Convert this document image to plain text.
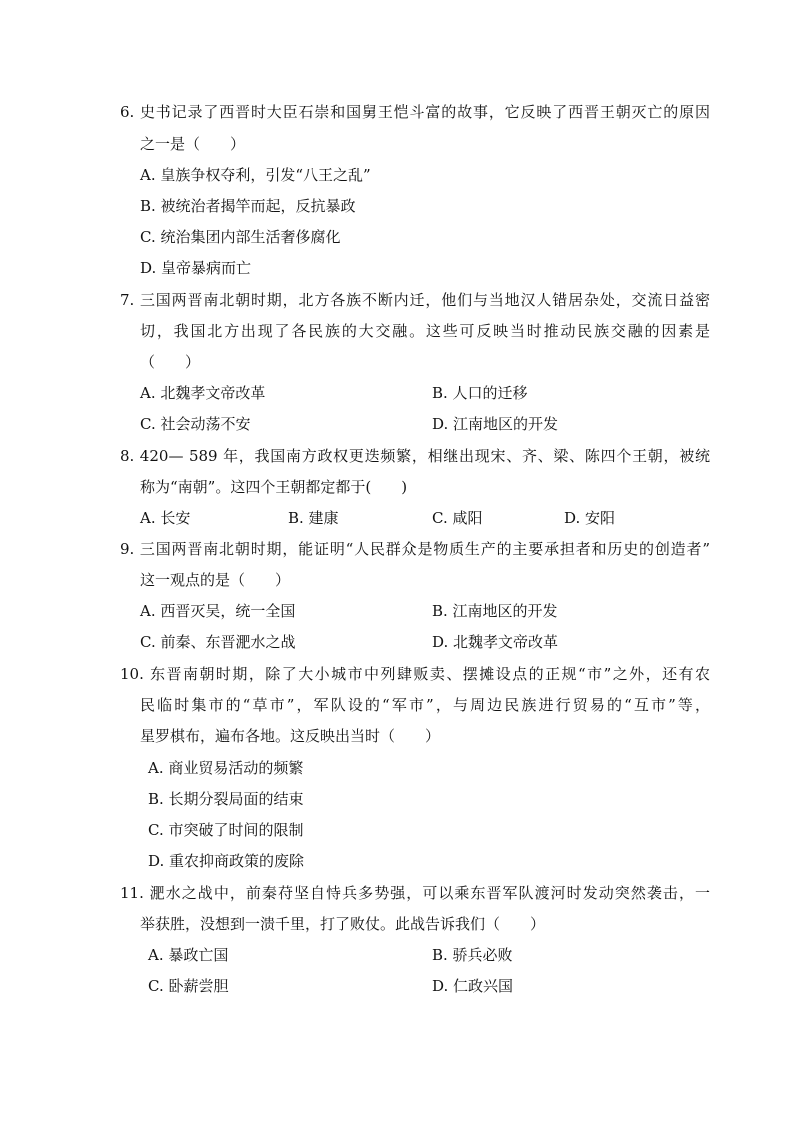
6. 史书记录了西晋时大臣石崇和国舅王恺斗富的故事，它反映了西晋王朝灭亡的原因
之一是（　　）
A. 皇族争权夺利，引发“八王之乱”
B. 被统治者揭竿而起，反抗暴政
C. 统治集团内部生活奢侈腐化
D. 皇帝暴病而亡
7. 三国两晋南北朝时期，北方各族不断内迁，他们与当地汉人错居杂处，交流日益密
切，我国北方出现了各民族的大交融。这些可反映当时推动民族交融的因素是
（　　）
A. 北魏孝文帝改革	B. 人口的迁移
C. 社会动荡不安	D. 江南地区的开发
8. 420— 589 年，我国南方政权更迭频繁，相继出现宋、齐、梁、陈四个王朝，被统
称为“南朝”。这四个王朝都定都于(　　)
A. 长安	B. 建康	C. 咸阳	D. 安阳
9. 三国两晋南北朝时期，能证明“人民群众是物质生产的主要承担者和历史的创造者”
这一观点的是（　　）
A. 西晋灭吴，统一全国	B. 江南地区的开发
C. 前秦、东晋淝水之战	D. 北魏孝文帝改革
10. 东晋南朝时期，除了大小城市中列肆贩卖、摆摊设点的正规“市”之外，还有农
民临时集市的“草市”，军队设的“军市”，与周边民族进行贸易的“互市”等，
星罗棋布，遍布各地。这反映出当时（　　）
A. 商业贸易活动的频繁
B. 长期分裂局面的结束
C. 市突破了时间的限制
D. 重农抑商政策的废除
11. 淝水之战中，前秦苻坚自恃兵多势强，可以乘东晋军队渡河时发动突然袭击，一
举获胜，没想到一溃千里，打了败仗。此战告诉我们（　　）
A. 暴政亡国	B. 骄兵必败
C. 卧薪尝胆	D. 仁政兴国
